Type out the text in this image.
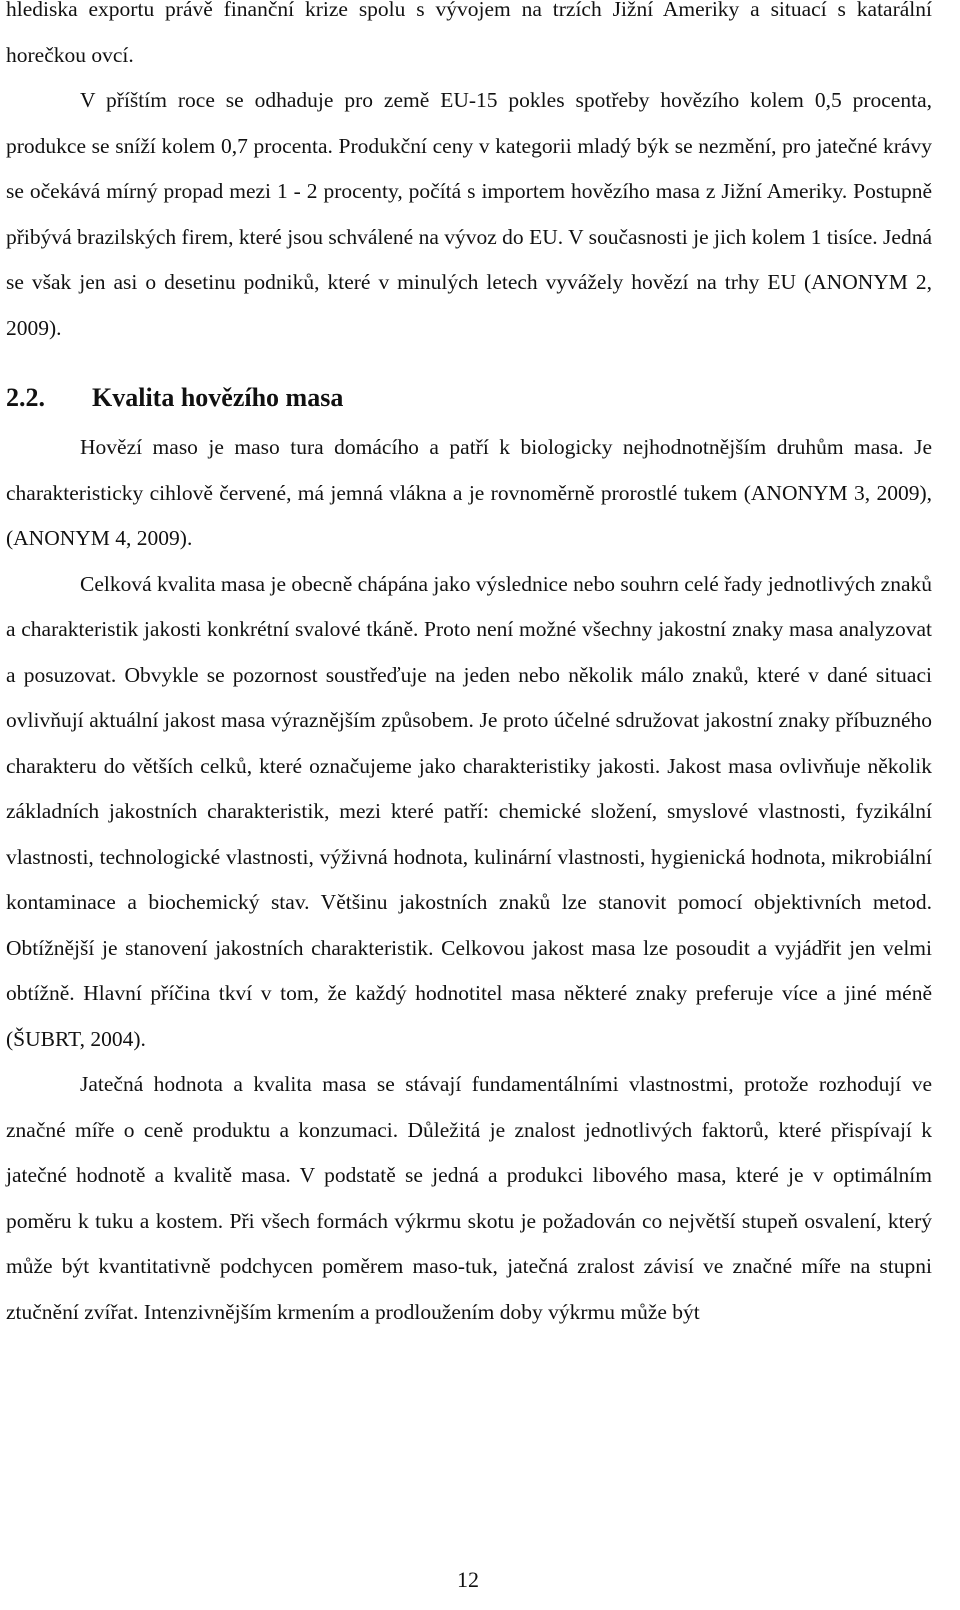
hlediska exportu právě finanční krize spolu s vývojem na trzích Jižní Ameriky a situací s katarální horečkou ovcí.

V příštím roce se odhaduje pro země EU-15 pokles spotřeby hovězího kolem 0,5 procenta, produkce se sníží kolem 0,7 procenta. Produkční ceny v kategorii mladý býk se nezmění, pro jatečné krávy se očekává mírný propad mezi 1 - 2 procenty, počítá s importem hovězího masa z Jižní Ameriky. Postupně přibývá brazilských firem, které jsou schválené na vývoz do EU. V současnosti je jich kolem 1 tisíce. Jedná se však jen asi o desetinu podniků, které v minulých letech vyvážely hovězí na trhy EU (ANONYM 2, 2009).

2.2.	Kvalita hovězího masa

Hovězí maso je maso tura domácího a patří k biologicky nejhodnotnějším druhům masa. Je charakteristicky cihlově červené, má jemná vlákna a je rovnoměrně prorostlé tukem (ANONYM 3, 2009), (ANONYM 4, 2009).

Celková kvalita masa je obecně chápána jako výslednice nebo souhrn celé řady jednotlivých znaků a charakteristik jakosti konkrétní svalové tkáně. Proto není možné všechny jakostní znaky masa analyzovat a posuzovat. Obvykle se pozornost soustřeďuje na jeden nebo několik málo znaků, které v dané situaci ovlivňují aktuální jakost masa výraznějším způsobem. Je proto účelné sdružovat jakostní znaky příbuzného charakteru do větších celků, které označujeme jako charakteristiky jakosti. Jakost masa ovlivňuje několik základních jakostních charakteristik, mezi které patří: chemické složení, smyslové vlastnosti, fyzikální vlastnosti, technologické vlastnosti, výživná hodnota, kulinární vlastnosti, hygienická hodnota, mikrobiální kontaminace a biochemický stav. Většinu jakostních znaků lze stanovit pomocí objektivních metod. Obtížnější je stanovení jakostních charakteristik. Celkovou jakost masa lze posoudit a vyjádřit jen velmi obtížně. Hlavní příčina tkví v tom, že každý hodnotitel masa některé znaky preferuje více a jiné méně (ŠUBRT, 2004).

Jatečná hodnota a kvalita masa se stávají fundamentálními vlastnostmi, protože rozhodují ve značné míře o ceně produktu a konzumaci. Důležitá je znalost jednotlivých faktorů, které přispívají k jatečné hodnotě a kvalitě masa. V podstatě se jedná a produkci libového masa, které je v optimálním poměru k tuku a kostem. Při všech formách výkrmu skotu je požadován co největší stupeň osvalení, který může být kvantitativně podchycen poměrem maso-tuk, jatečná zralost závisí ve značné míře na stupni ztučnění zvířat. Intenzivnějším krmením a prodloužením doby výkrmu může být

12
